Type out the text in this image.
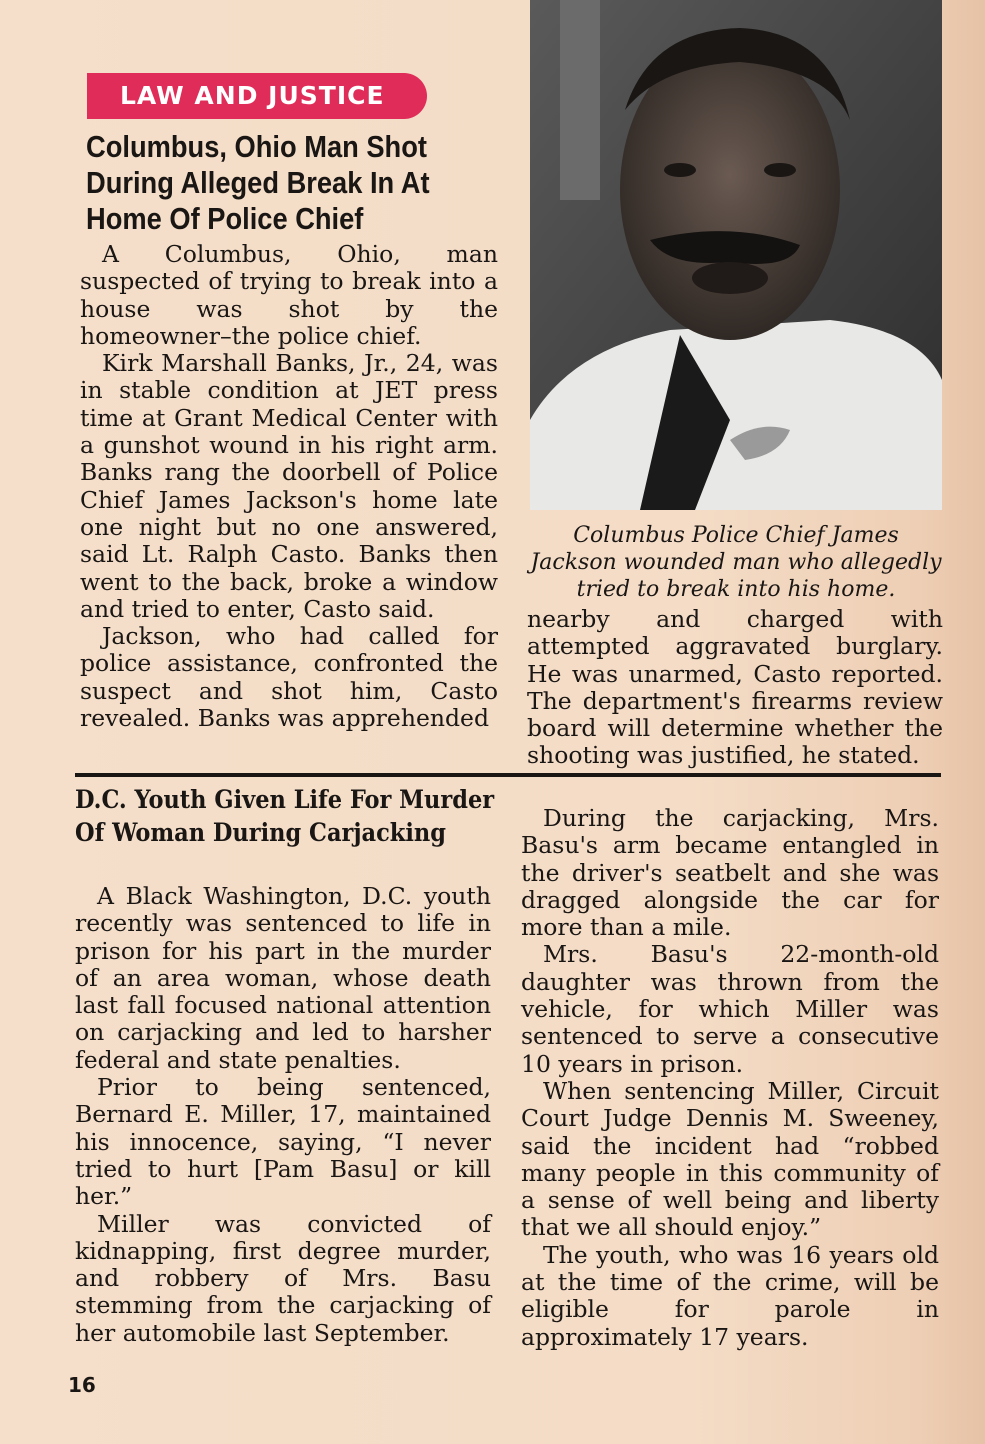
LAW AND JUSTICE
Columbus, Ohio Man Shot During Alleged Break In At Home Of Police Chief

A Columbus, Ohio, man suspected of trying to break into a house was shot by the homeowner–the police chief.

Kirk Marshall Banks, Jr., 24, was in stable condition at JET press time at Grant Medical Center with a gunshot wound in his right arm. Banks rang the doorbell of Police Chief James Jackson's home late one night but no one answered, said Lt. Ralph Casto. Banks then went to the back, broke a window and tried to enter, Casto said.

Jackson, who had called for police assistance, confronted the suspect and shot him, Casto revealed. Banks was apprehended

Columbus Police Chief James Jackson wounded man who allegedly tried to break into his home.

nearby and charged with attempted aggravated burglary. He was unarmed, Casto reported. The department's firearms review board will determine whether the shooting was justified, he stated.

D.C. Youth Given Life For Murder Of Woman During Carjacking

A Black Washington, D.C. youth recently was sentenced to life in prison for his part in the murder of an area woman, whose death last fall focused national attention on carjacking and led to harsher federal and state penalties.

Prior to being sentenced, Bernard E. Miller, 17, maintained his innocence, saying, “I never tried to hurt [Pam Basu] or kill her.”

Miller was convicted of kidnapping, first degree murder, and robbery of Mrs. Basu stemming from the carjacking of her automobile last September.

During the carjacking, Mrs. Basu's arm became entangled in the driver's seatbelt and she was dragged alongside the car for more than a mile.

Mrs. Basu's 22-month-old daughter was thrown from the vehicle, for which Miller was sentenced to serve a consecutive 10 years in prison.

When sentencing Miller, Circuit Court Judge Dennis M. Sweeney, said the incident had “robbed many people in this community of a sense of well being and liberty that we all should enjoy.”

The youth, who was 16 years old at the time of the crime, will be eligible for parole in approximately 17 years.

16
